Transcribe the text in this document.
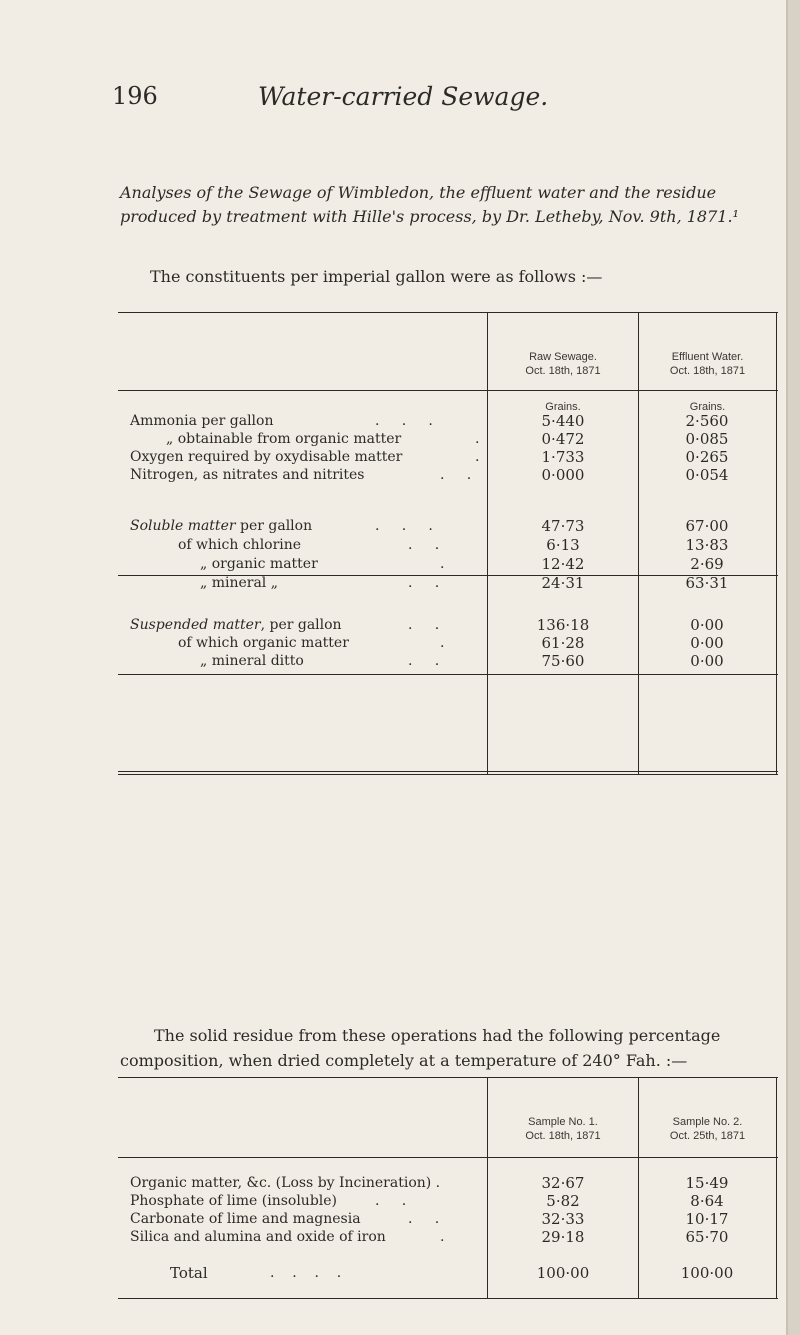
196	Water-carried Sewage.
Analyses of the Sewage of Wimbledon, the effluent water and the residue produced by treatment with Hille's process, by Dr. Letheby, Nov. 9th, 1871.¹
The constituents per imperial gallon were as follows :—
Raw Sewage.
Oct. 18th, 1871
Effluent Water.
Oct. 18th, 1871
Grains.	Grains.
Ammonia per gallon	.     .     .	5·440	2·560
„ obtainable from organic matter	.	0·472	0·085
Oxygen required by oxydisable matter	.	1·733	0·265
Nitrogen, as nitrates and nitrites	.     .	0·000	0·054
Soluble matter per gallon	.     .     .	47·73	67·00
of which chlorine	.     .	6·13	13·83
„ organic matter	.	12·42	2·69
„ mineral „	.     .	24·31	63·31
Suspended matter, per gallon	.     .	136·18	0·00
of which organic matter	.	61·28	0·00
„ mineral ditto	.     .	75·60	0·00
The solid residue from these operations had the following percentage composition, when dried completely at a temperature of 240° Fah. :—
Sample No. 1.
Oct. 18th, 1871
Sample No. 2.
Oct. 25th, 1871
Organic matter, &c. (Loss by Incineration) .	32·67	15·49
Phosphate of lime (insoluble)	.     .	5·82	8·64
Carbonate of lime and magnesia	.     .	32·33	10·17
Silica and alumina and oxide of iron	.	29·18	65·70
Total	.    .    .    .	100·00	100·00
